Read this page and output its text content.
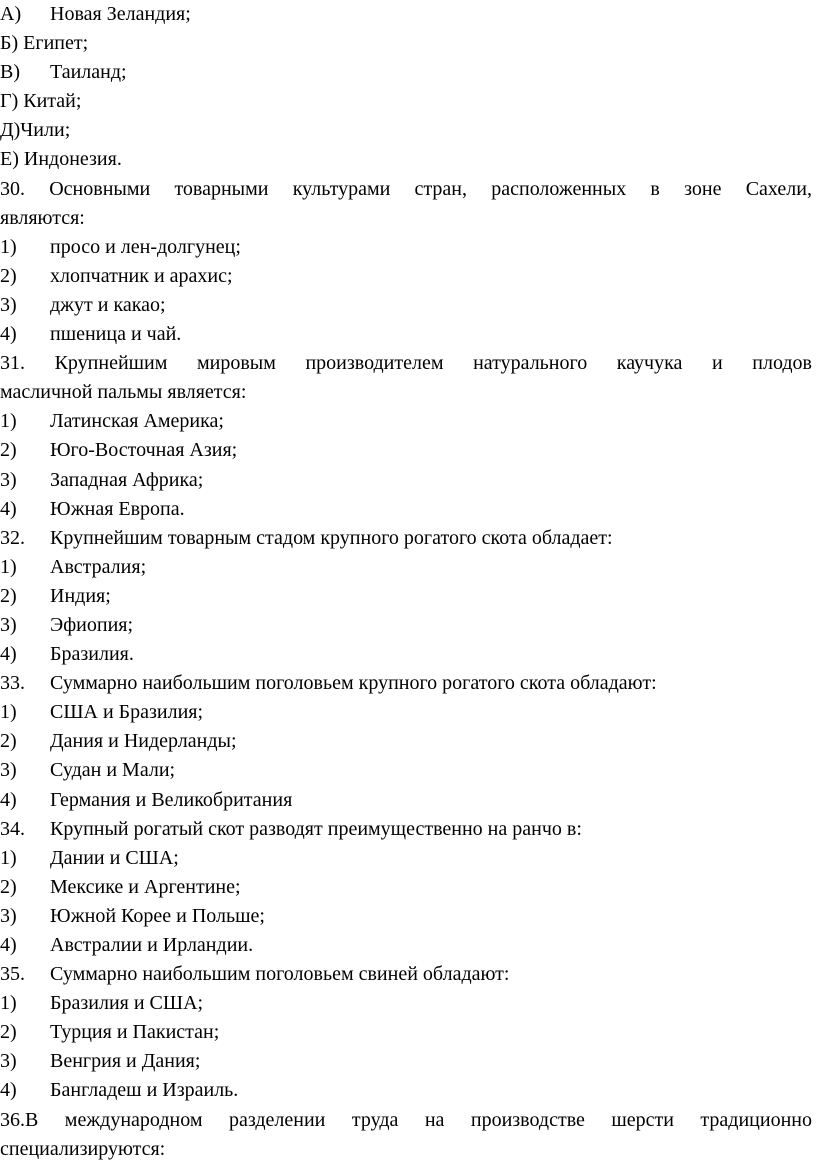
А)	Новая Зеландия;
Б) Египет;
В)	Таиланд;
Г) Китай;
Д)Чили;
Е) Индонезия.
30. Основными товарными культурами стран, расположенных в зоне Сахели,
являются:
1)	просо и лен-долгунец;
2)	хлопчатник и арахис;
3)	джут и какао;
4)	пшеница и чай.
31. Крупнейшим мировым производителем натурального каучука и плодов
масличной пальмы является:
1)	Латинская Америка;
2)	Юго-Восточная Азия;
3)	Западная Африка;
4)	Южная Европа.
32.	Крупнейшим товарным стадом крупного рогатого скота обладает:
1)	Австралия;
2)	Индия;
3)	Эфиопия;
4)	Бразилия.
33.	Суммарно наибольшим поголовьем крупного рогатого скота обладают:
1)	США и Бразилия;
2)	Дания и Нидерланды;
3)	Судан и Мали;
4)	Германия и Великобритания
34.	Крупный рогатый скот разводят преимущественно на ранчо в:
1)	Дании и США;
2)	Мексике и Аргентине;
3)	Южной Корее и Польше;
4)	Австралии и Ирландии.
35.	Суммарно наибольшим поголовьем свиней обладают:
1)	Бразилия и США;
2)	Турция и Пакистан;
3)	Венгрия и Дания;
4)	Бангладеш и Израиль.
36.В международном разделении труда на производстве шерсти традиционно
специализируются:
